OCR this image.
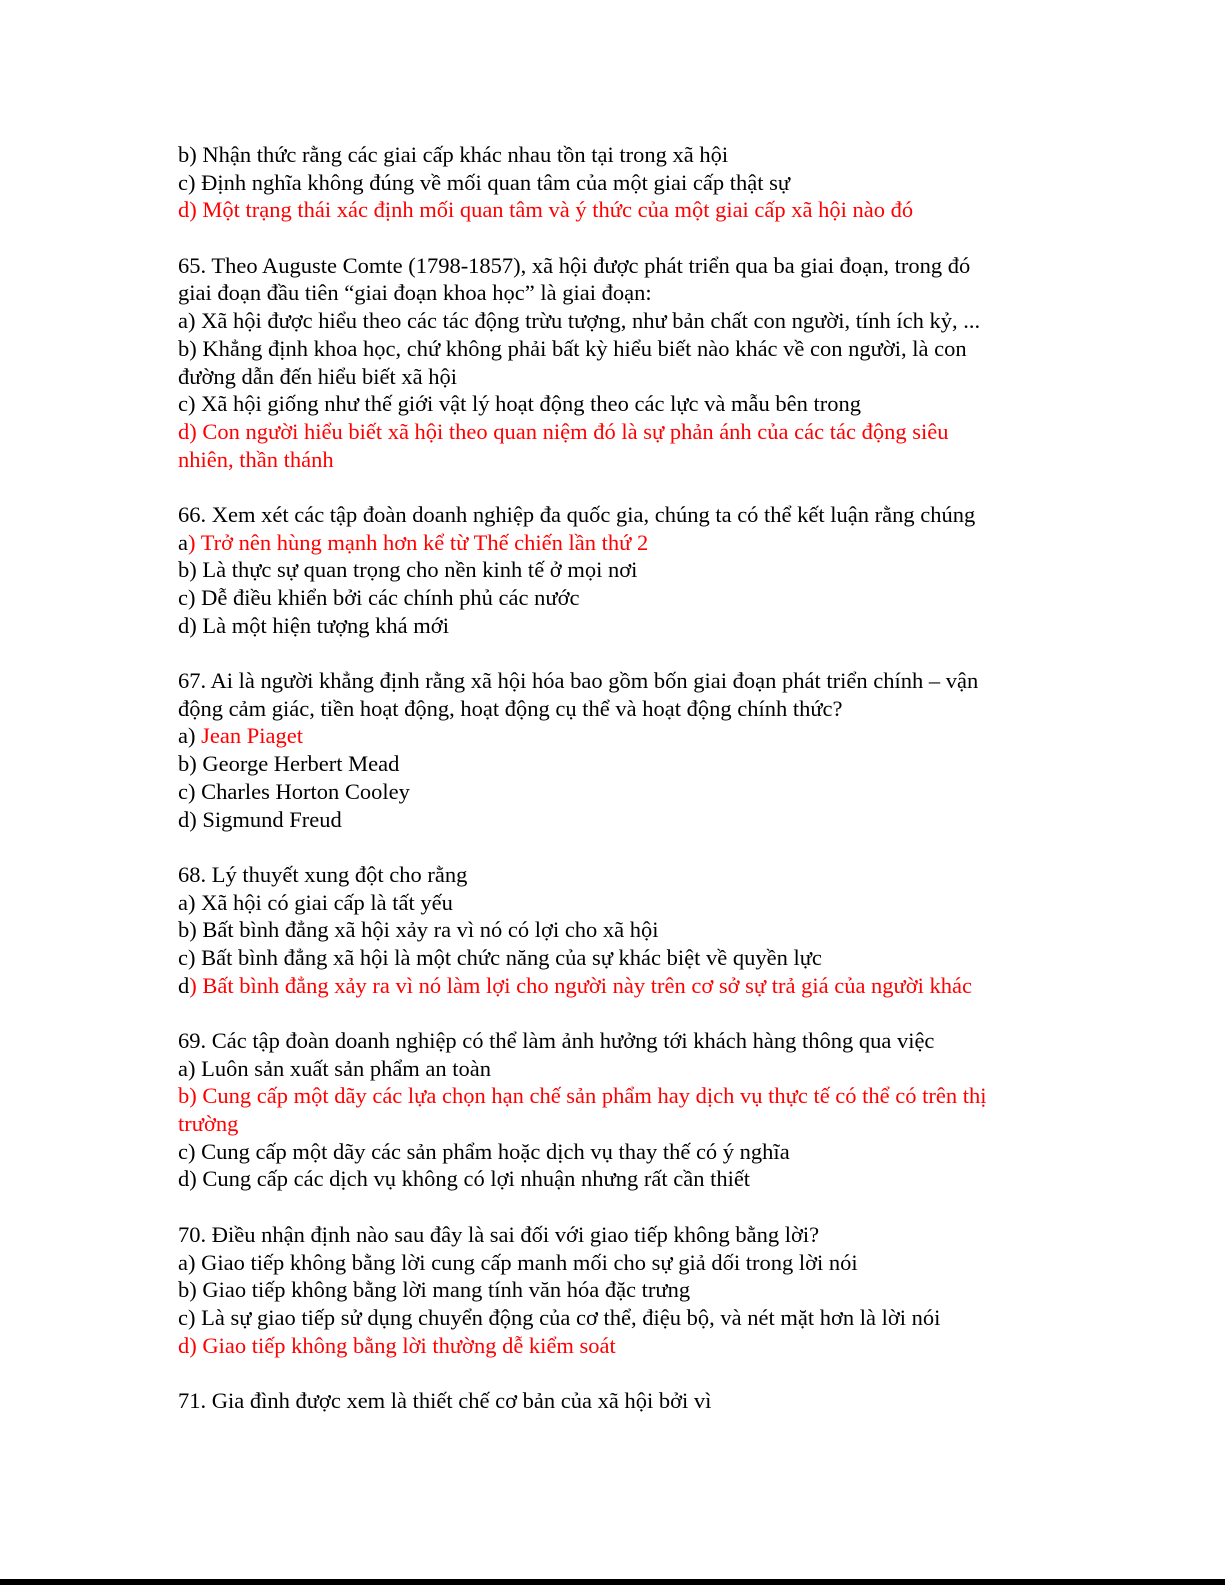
b) Nhận thức rằng các giai cấp khác nhau tồn tại trong xã hội
c) Định nghĩa không đúng về mối quan tâm của một giai cấp thật sự
d) Một trạng thái xác định mối quan tâm và ý thức của một giai cấp xã hội nào đó
65. Theo Auguste Comte (1798-1857), xã hội được phát triển qua ba giai đoạn, trong đó
giai đoạn đầu tiên “giai đoạn khoa học” là giai đoạn:
a) Xã hội được hiểu theo các tác động trừu tượng, như bản chất con người, tính ích kỷ, ...
b) Khẳng định khoa học, chứ không phải bất kỳ hiểu biết nào khác về con người, là con
đường dẫn đến hiểu biết xã hội
c) Xã hội giống như thế giới vật lý hoạt động theo các lực và mẫu bên trong
d) Con người hiểu biết xã hội theo quan niệm đó là sự phản ánh của các tác động siêu
nhiên, thần thánh
66. Xem xét các tập đoàn doanh nghiệp đa quốc gia, chúng ta có thể kết luận rằng chúng
a) Trở nên hùng mạnh hơn kể từ Thế chiến lần thứ 2
b) Là thực sự quan trọng cho nền kinh tế ở mọi nơi
c) Dễ điều khiển bởi các chính phủ các nước
d) Là một hiện tượng khá mới
67. Ai là người khẳng định rằng xã hội hóa bao gồm bốn giai đoạn phát triển chính – vận
động cảm giác, tiền hoạt động, hoạt động cụ thể và hoạt động chính thức?
a) Jean Piaget
b) George Herbert Mead
c) Charles Horton Cooley
d) Sigmund Freud
68. Lý thuyết xung đột cho rằng
a) Xã hội có giai cấp là tất yếu
b) Bất bình đẳng xã hội xảy ra vì nó có lợi cho xã hội
c) Bất bình đẳng xã hội là một chức năng của sự khác biệt về quyền lực
d) Bất bình đẳng xảy ra vì nó làm lợi cho người này trên cơ sở sự trả giá của người khác
69. Các tập đoàn doanh nghiệp có thể làm ảnh hưởng tới khách hàng thông qua việc
a) Luôn sản xuất sản phẩm an toàn
b) Cung cấp một dãy các lựa chọn hạn chế sản phẩm hay dịch vụ thực tế có thể có trên thị
trường
c) Cung cấp một dãy các sản phẩm hoặc dịch vụ thay thế có ý nghĩa
d) Cung cấp các dịch vụ không có lợi nhuận nhưng rất cần thiết
70. Điều nhận định nào sau đây là sai đối với giao tiếp không bằng lời?
a) Giao tiếp không bằng lời cung cấp manh mối cho sự giả dối trong lời nói
b) Giao tiếp không bằng lời mang tính văn hóa đặc trưng
c) Là sự giao tiếp sử dụng chuyển động của cơ thể, điệu bộ, và nét mặt hơn là lời nói
d) Giao tiếp không bằng lời thường dễ kiểm soát
71. Gia đình được xem là thiết chế cơ bản của xã hội bởi vì
